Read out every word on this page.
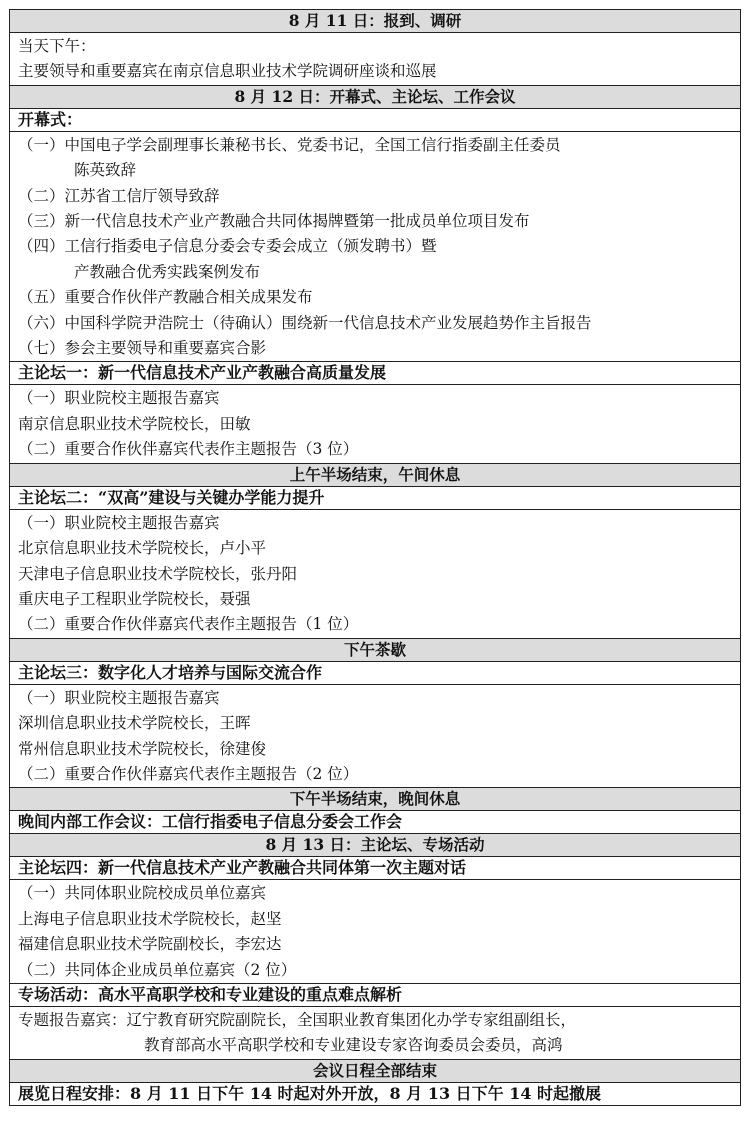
8 月 11 日：报到、调研

当天下午：
主要领导和重要嘉宾在南京信息职业技术学院调研座谈和巡展

8 月 12 日：开幕式、主论坛、工作会议
开幕式：

（一）中国电子学会副理事长兼秘书长、党委书记，全国工信行指委副主任委员
陈英致辞
（二）江苏省工信厅领导致辞
（三）新一代信息技术产业产教融合共同体揭牌暨第一批成员单位项目发布
（四）工信行指委电子信息分委会专委会成立（颁发聘书）暨
产教融合优秀实践案例发布
（五）重要合作伙伴产教融合相关成果发布
（六）中国科学院尹浩院士（待确认）围绕新一代信息技术产业发展趋势作主旨报告
（七）参会主要领导和重要嘉宾合影

主论坛一：新一代信息技术产业产教融合高质量发展

（一）职业院校主题报告嘉宾
南京信息职业技术学院校长，田敏
（二）重要合作伙伴嘉宾代表作主题报告（3 位）

上午半场结束，午间休息
主论坛二：“双高”建设与关键办学能力提升

（一）职业院校主题报告嘉宾
北京信息职业技术学院校长，卢小平
天津电子信息职业技术学院校长，张丹阳
重庆电子工程职业学院校长，聂强
（二）重要合作伙伴嘉宾代表作主题报告（1 位）

下午茶歇
主论坛三：数字化人才培养与国际交流合作

（一）职业院校主题报告嘉宾
深圳信息职业技术学院校长，王晖
常州信息职业技术学院校长，徐建俊
（二）重要合作伙伴嘉宾代表作主题报告（2 位）

下午半场结束，晚间休息
晚间内部工作会议：工信行指委电子信息分委会工作会
8 月 13 日：主论坛、专场活动
主论坛四：新一代信息技术产业产教融合共同体第一次主题对话

（一）共同体职业院校成员单位嘉宾
上海电子信息职业技术学院校长，赵坚
福建信息职业技术学院副校长，李宏达
（二）共同体企业成员单位嘉宾（2 位）

专场活动：高水平高职学校和专业建设的重点难点解析

专题报告嘉宾：辽宁教育研究院副院长，全国职业教育集团化办学专家组副组长，
教育部高水平高职学校和专业建设专家咨询委员会委员，高鸿

会议日程全部结束
展览日程安排：8 月 11 日下午 14 时起对外开放，8 月 13 日下午 14 时起撤展
